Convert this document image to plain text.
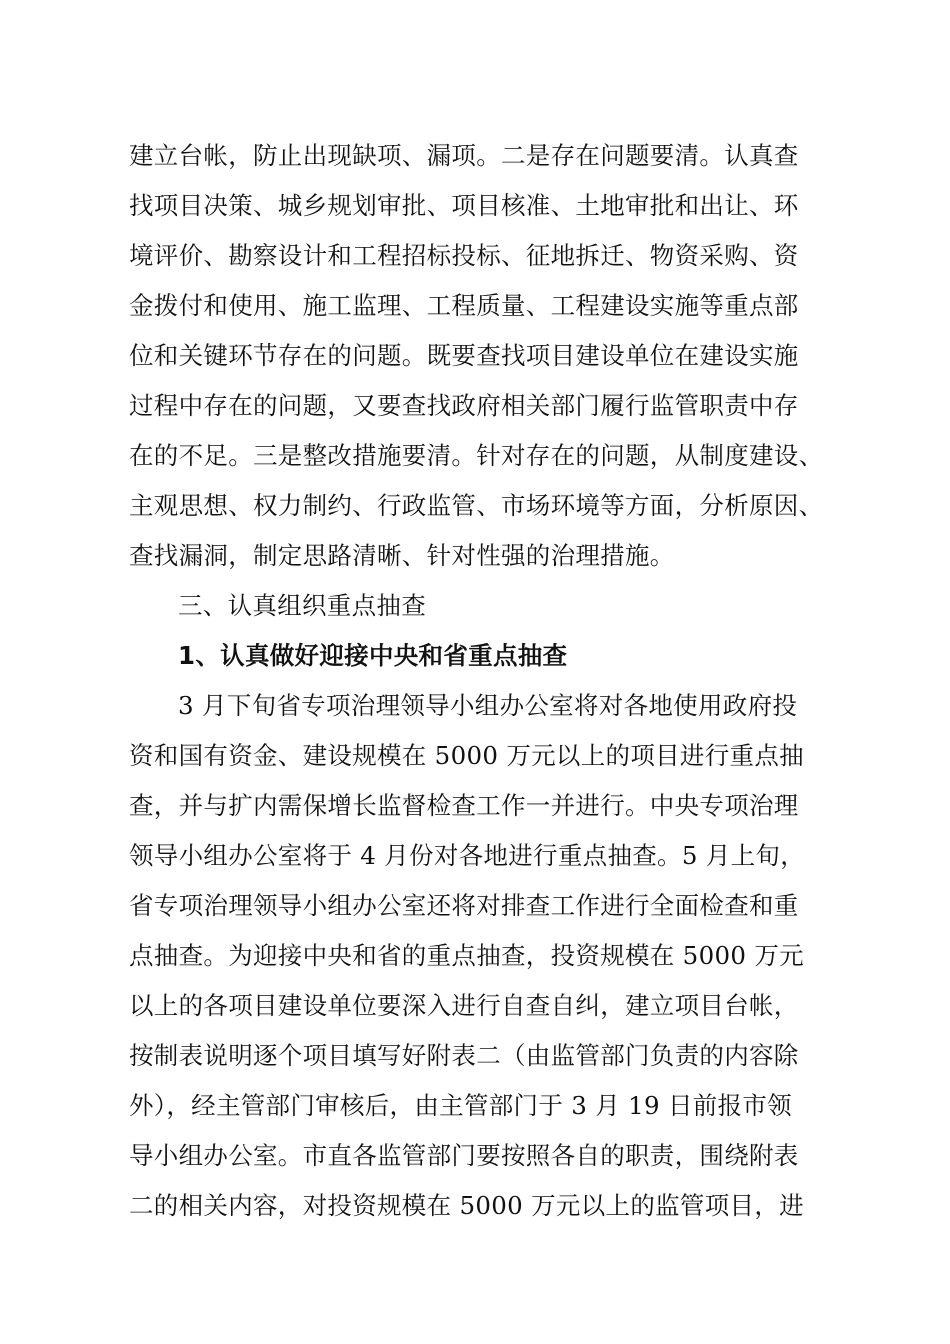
建立台帐，防止出现缺项、漏项。二是存在问题要清。认真查
找项目决策、城乡规划审批、项目核准、土地审批和出让、环
境评价、勘察设计和工程招标投标、征地拆迁、物资采购、资
金拨付和使用、施工监理、工程质量、工程建设实施等重点部
位和关键环节存在的问题。既要查找项目建设单位在建设实施
过程中存在的问题，又要查找政府相关部门履行监管职责中存
在的不足。三是整改措施要清。针对存在的问题，从制度建设、
主观思想、权力制约、行政监管、市场环境等方面，分析原因、
查找漏洞，制定思路清晰、针对性强的治理措施。
三、认真组织重点抽查
1、认真做好迎接中央和省重点抽查
3 月下旬省专项治理领导小组办公室将对各地使用政府投
资和国有资金、建设规模在 5000 万元以上的项目进行重点抽
查，并与扩内需保增长监督检查工作一并进行。中央专项治理
领导小组办公室将于 4 月份对各地进行重点抽查。5 月上旬，
省专项治理领导小组办公室还将对排查工作进行全面检查和重
点抽查。为迎接中央和省的重点抽查，投资规模在 5000 万元
以上的各项目建设单位要深入进行自查自纠，建立项目台帐，
按制表说明逐个项目填写好附表二（由监管部门负责的内容除
外），经主管部门审核后，由主管部门于 3 月 19 日前报市领
导小组办公室。市直各监管部门要按照各自的职责，围绕附表
二的相关内容，对投资规模在 5000 万元以上的监管项目，进
